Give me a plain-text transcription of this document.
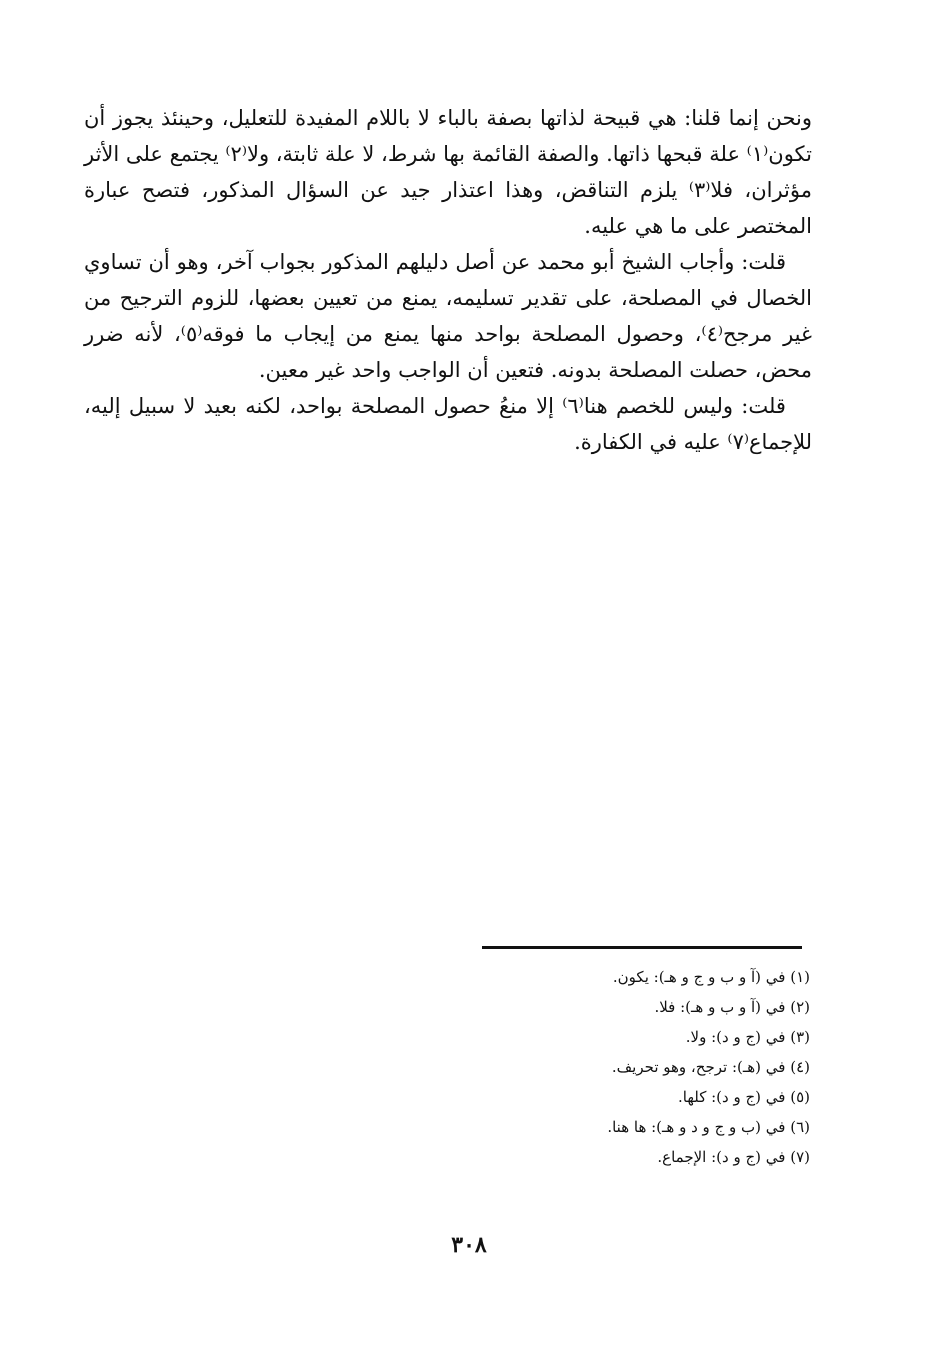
ونحن إنما قلنا: هي قبيحة لذاتها بصفة بالباء لا باللام المفيدة للتعليل، وحينئذ يجوز أن تكون⁽١⁾ علة قبحها ذاتها. والصفة القائمة بها شرط، لا علة ثابتة، ولا⁽٢⁾ يجتمع على الأثر مؤثران، فلا⁽٣⁾ يلزم التناقض، وهذا اعتذار جيد عن السؤال المذكور، فتصح عبارة المختصر على ما هي عليه.

قلت: وأجاب الشيخ أبو محمد عن أصل دليلهم المذكور بجواب آخر، وهو أن تساوي الخصال في المصلحة، على تقدير تسليمه، يمنع من تعيين بعضها، للزوم الترجيح من غير مرجح⁽٤⁾، وحصول المصلحة بواحد منها يمنع من إيجاب ما فوقه⁽٥⁾، لأنه ضرر محض، حصلت المصلحة بدونه. فتعين أن الواجب واحد غير معين.

قلت: وليس للخصم هنا⁽٦⁾ إلا منعُ حصول المصلحة بواحد، لكنه بعيد لا سبيل إليه، للإجماع⁽٧⁾ عليه في الكفارة.

(١) في (آ و ب و ج و هـ): يكون.

(٢) في (آ و ب و هـ): فلا.

(٣) في (ج و د): ولا.

(٤) في (هـ): ترجح، وهو تحريف.

(٥) في (ج و د): كلها.

(٦) في (ب و ج و د و هـ): ها هنا.

(٧) في (ج و د): الإجماع.

٣٠٨
